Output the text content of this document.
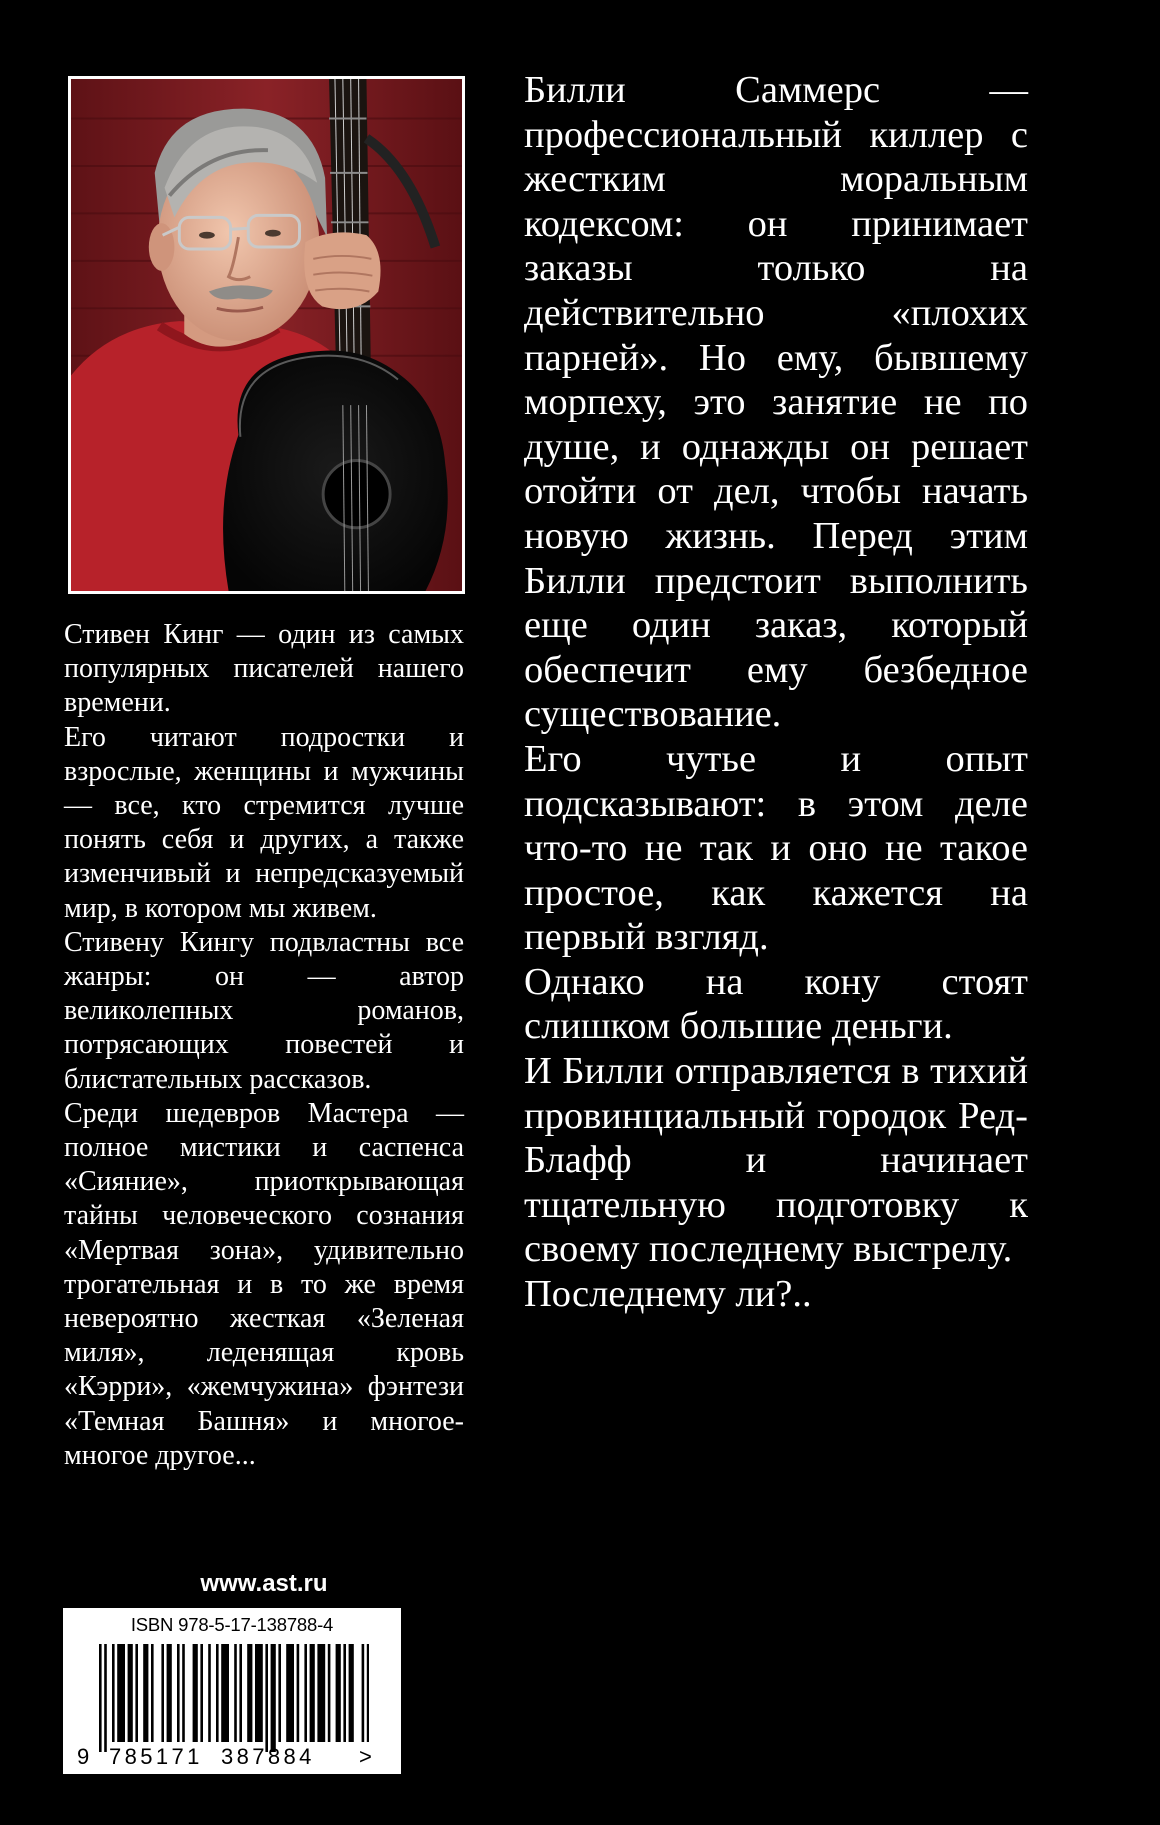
Стивен Кинг — один из самых популярных писателей нашего времени.

Его читают подростки и взрослые, женщины и мужчины — все, кто стремится лучше понять себя и других, а также изменчивый и непредсказуемый мир, в котором мы живем.

Стивену Кингу подвластны все жанры: он — автор великолепных романов, потрясающих повестей и блистательных рассказов.

Среди шедевров Мастера — полное мистики и саспенса «Сияние», приоткрывающая тайны человеческого сознания «Мертвая зона», удивительно трогательная и в то же время невероятно жесткая «Зеленая миля», леденящая кровь «Кэрри», «жемчужина» фэнтези «Темная Башня» и многое-многое другое...

Билли Саммерс — профессиональный киллер с жестким моральным кодексом: он принимает заказы только на действительно «плохих парней». Но ему, бывшему морпеху, это занятие не по душе, и однажды он решает отойти от дел, чтобы начать новую жизнь. Перед этим Билли предстоит выполнить еще один заказ, который обеспечит ему безбедное существование.

Его чутье и опыт подсказывают: в этом деле что-то не так и оно не такое простое, как кажется на первый взгляд.

Однако на кону стоят слишком большие деньги.

И Билли отправляется в тихий провинциальный городок Ред-Блафф и начинает тщательную подготовку к своему последнему выстрелу.

Последнему ли?..

www.ast.ru
ISBN 978-5-17-138788-4
9 785171 387884 >
